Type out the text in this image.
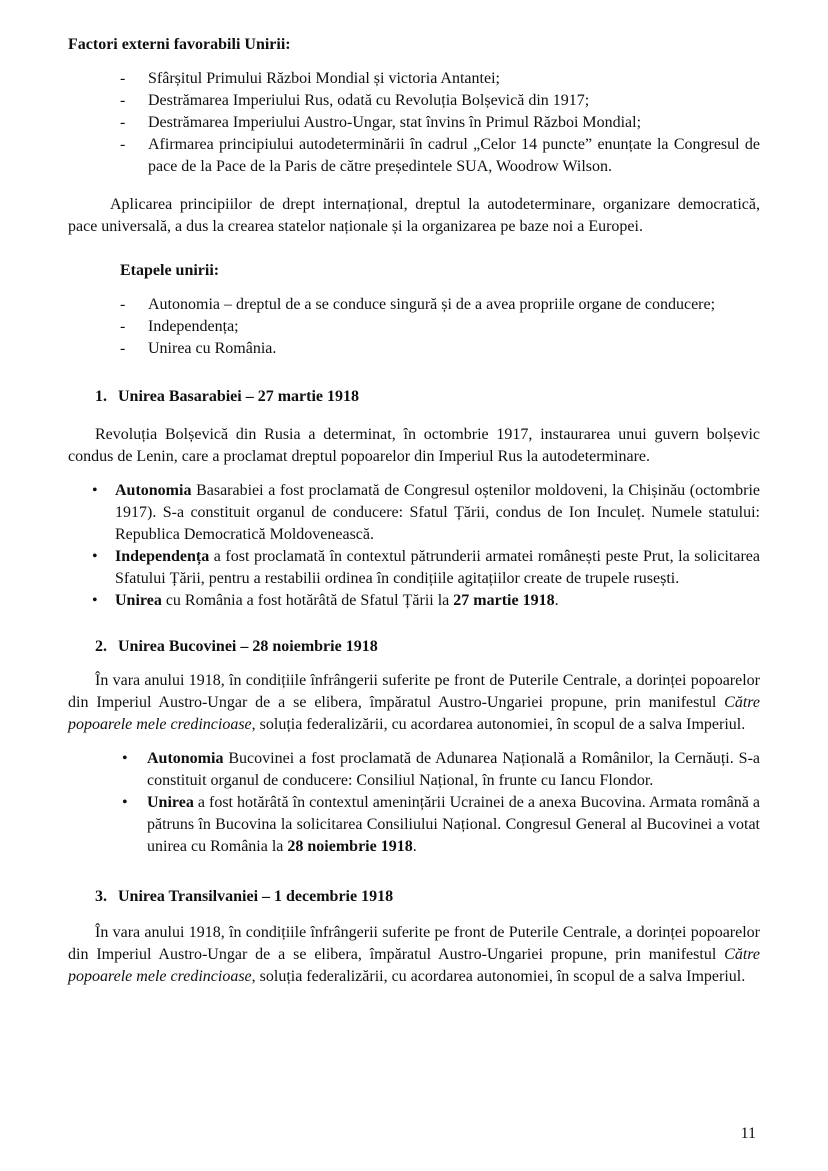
Factori externi favorabili Unirii:

- Sfârșitul Primului Război Mondial și victoria Antantei;
- Destrămarea Imperiului Rus, odată cu Revoluția Bolșevică din 1917;
- Destrămarea Imperiului Austro-Ungar, stat învins în Primul Război Mondial;
- Afirmarea principiului autodeterminării în cadrul „Celor 14 puncte” enunțate la Congresul de pace de la Pace de la Paris de către președintele SUA, Woodrow Wilson.

Aplicarea principiilor de drept internațional, dreptul la autodeterminare, organizare democratică, pace universală, a dus la crearea statelor naționale și la organizarea pe baze noi a Europei.

Etapele unirii:

- Autonomia – dreptul de a se conduce singură și de a avea propriile organe de conducere;
- Independența;
- Unirea cu România.
1. Unirea Basarabiei – 27 martie 1918

Revoluția Bolșevică din Rusia a determinat, în octombrie 1917, instaurarea unui guvern bolșevic condus de Lenin, care a proclamat dreptul popoarelor din Imperiul Rus la autodeterminare.

• Autonomia Basarabiei a fost proclamată de Congresul oștenilor moldoveni, la Chișinău (octombrie 1917). S-a constituit organul de conducere: Sfatul Țării, condus de Ion Inculeț. Numele statului: Republica Democratică Moldovenească.
• Independența a fost proclamată în contextul pătrunderii armatei românești peste Prut, la solicitarea Sfatului Țării, pentru a restabilii ordinea în condițiile agitațiilor create de trupele rusești.
• Unirea cu România a fost hotărâtă de Sfatul Țării la 27 martie 1918.
2. Unirea Bucovinei – 28 noiembrie 1918

În vara anului 1918, în condițiile înfrângerii suferite pe front de Puterile Centrale, a dorinței popoarelor din Imperiul Austro-Ungar de a se elibera, împăratul Austro-Ungariei propune, prin manifestul Către popoarele mele credincioase, soluția federalizării, cu acordarea autonomiei, în scopul de a salva Imperiul.

• Autonomia Bucovinei a fost proclamată de Adunarea Națională a Românilor, la Cernăuți. S-a constituit organul de conducere: Consiliul Național, în frunte cu Iancu Flondor.
• Unirea a fost hotărâtă în contextul amenințării Ucrainei de a anexa Bucovina. Armata română a pătruns în Bucovina la solicitarea Consiliului Național. Congresul General al Bucovinei a votat unirea cu România la 28 noiembrie 1918.
3. Unirea Transilvaniei – 1 decembrie 1918

În vara anului 1918, în condițiile înfrângerii suferite pe front de Puterile Centrale, a dorinței popoarelor din Imperiul Austro-Ungar de a se elibera, împăratul Austro-Ungariei propune, prin manifestul Către popoarele mele credincioase, soluția federalizării, cu acordarea autonomiei, în scopul de a salva Imperiul.

11
